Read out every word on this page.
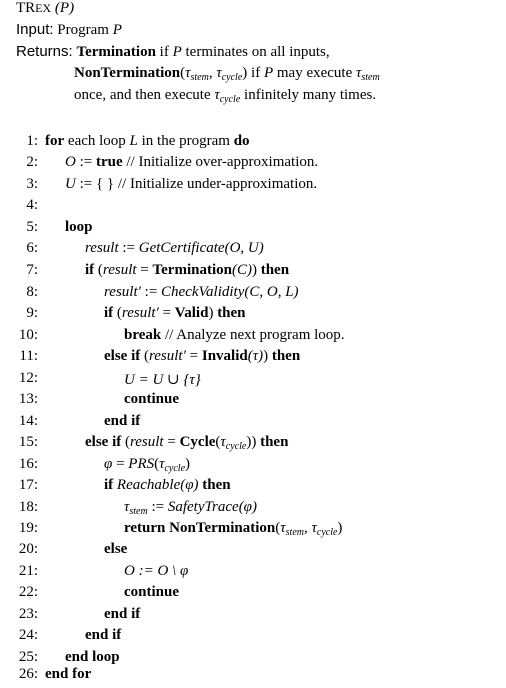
TREX (P)
Input: Program P
Returns: Termination if P terminates on all inputs,
$NonTermination(\tau_{stem}$, $\tau_{cycle}$) if P may execute $\tau_{stem}$
once, and then execute $\tau_{cycle}$ infinitely many times.
1: for each loop L in the program do
2: O := true // Initialize over-approximation.
3: U := { } // Initialize under-approximation.
4:
5: loop
6:	result := GetCertificate(O, U)
7:	if (result = Termination(C)) then
8:	result′ := CheckValidity(C, O, L)
9:	if (result′ = Valid) then
10:	break // Analyze next program loop.
11:	else if (result′ = Invalid(τ)) then
12:	U = U ∪ {τ}
13:	continue
14:	end if
15:	else if (result = $Cycle(\tau_{cycle})$) then
16:	$\varphi = PRS(\tau_{cycle})$
17:	if Reachable(φ) then
18:	$\tau_{stem}$ := SafetyTrace(φ)
19:	return $NonTermination(\tau_{stem}$, $\tau_{cycle}$)
20:	else
21:	O := O \ φ
22:	continue
23:	end if
24:	end if
25: end loop
26: end for
